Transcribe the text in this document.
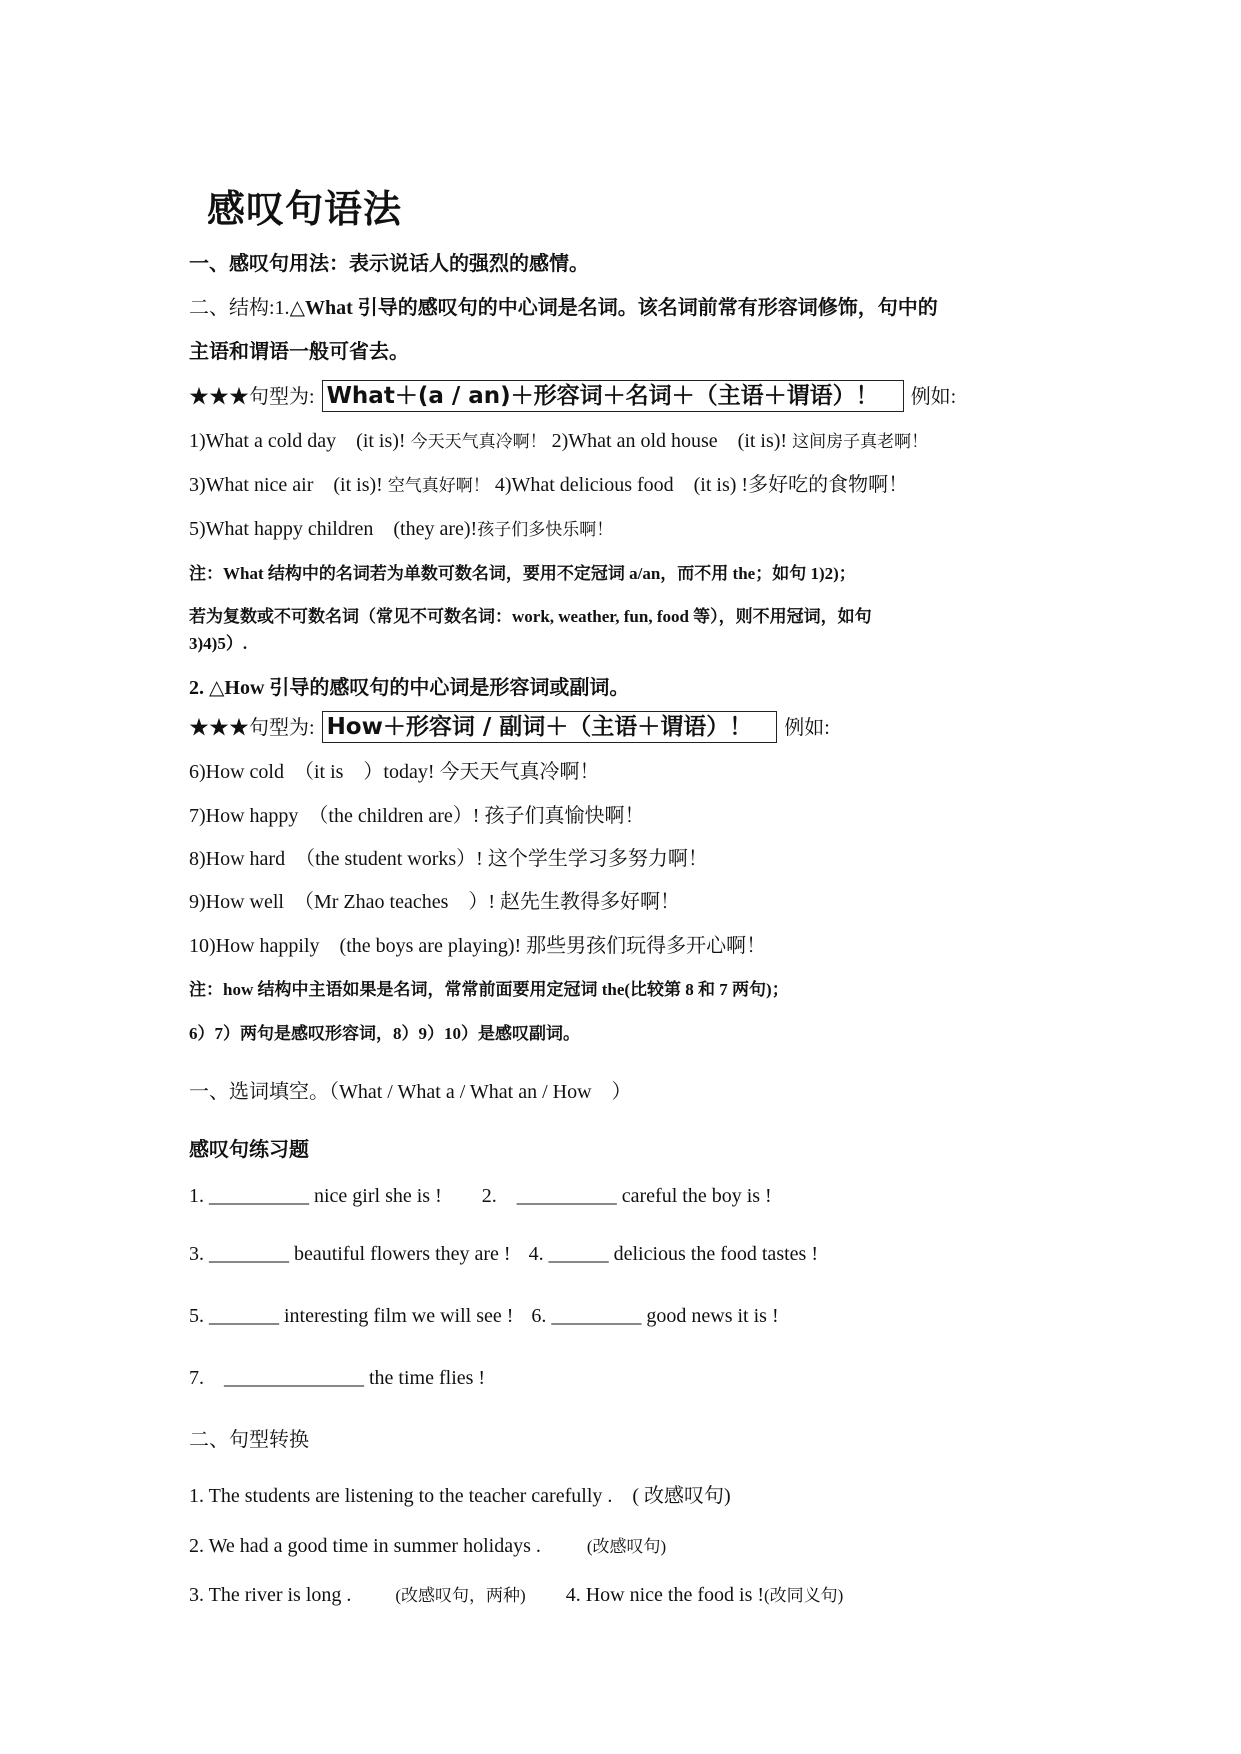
感叹句语法
一、感叹句用法：表示说话人的强烈的感情。
二、结构:1.△What 引导的感叹句的中心词是名词。该名词前常有形容词修饰，句中的
主语和谓语一般可省去。
★★★句型为: What＋(a / an)＋形容词＋名词＋（主语＋谓语）！ 例如:
1)What a cold day　(it is)! 今天天气真冷啊！ 2)What an old house　(it is)! 这间房子真老啊！
3)What nice air　(it is)! 空气真好啊！ 4)What delicious food　(it is) !多好吃的食物啊！
5)What happy children　(they are)!孩子们多快乐啊！
注：What 结构中的名词若为单数可数名词，要用不定冠词 a/an，而不用 the；如句 1)2)；
若为复数或不可数名词（常见不可数名词：work, weather, fun, food 等），则不用冠词，如句
3)4)5）.
2. △How 引导的感叹句的中心词是形容词或副词。
★★★句型为: How＋形容词 / 副词＋（主语＋谓语）！ 例如:
6)How cold　（it is　）today! 今天天气真冷啊！
7)How happy　（the children are）! 孩子们真愉快啊！
8)How hard　（the student works）! 这个学生学习多努力啊！
9)How well　（Mr Zhao teaches　）! 赵先生教得多好啊！
10)How happily　(the boys are playing)! 那些男孩们玩得多开心啊！
注：how 结构中主语如果是名词，常常前面要用定冠词 the(比较第 8 和 7 两句)；
6）7）两句是感叹形容词，8）9）10）是感叹副词。
一、选词填空。（What / What a / What an / How　）
感叹句练习题
1. __________ nice girl she is ! 2.　__________ careful the boy is !
3. ________ beautiful flowers they are ! 4. ______ delicious the food tastes !
5. _______ interesting film we will see ! 6. _________ good news it is !
7.　______________ the time flies !
二、句型转换
1. The students are listening to the teacher carefully .　( 改感叹句)
2. We had a good time in summer holidays .	(改感叹句)
3. The river is long .	(改感叹句，两种) 4. How nice the food is !(改同义句)
